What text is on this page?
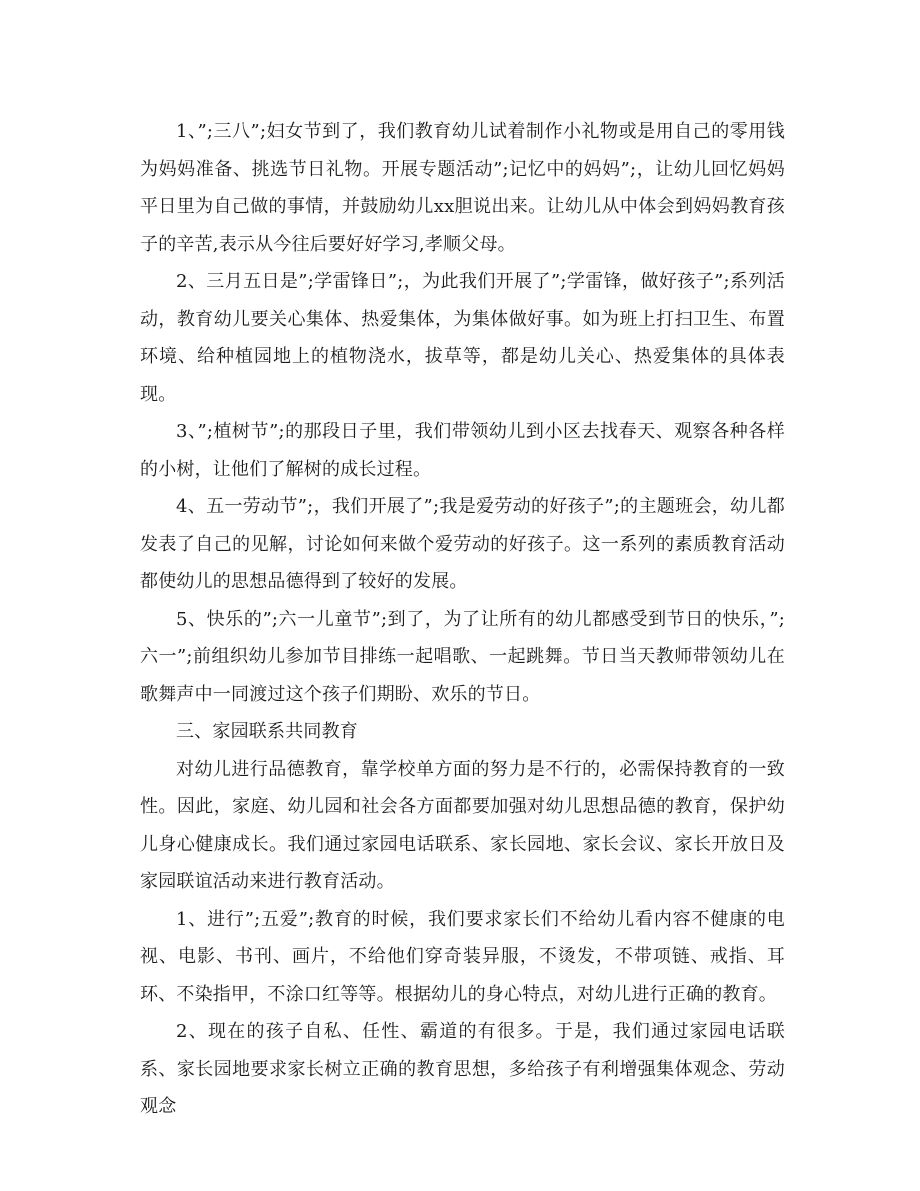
1、”;三八”;妇女节到了，我们教育幼儿试着制作小礼物或是用自己的零用钱为妈妈准备、挑选节日礼物。开展专题活动”;记忆中的妈妈”;，让幼儿回忆妈妈平日里为自己做的事情，并鼓励幼儿xx胆说出来。让幼儿从中体会到妈妈教育孩子的辛苦,表示从今往后要好好学习,孝顺父母。

2、三月五日是”;学雷锋日”;，为此我们开展了”;学雷锋，做好孩子”;系列活动，教育幼儿要关心集体、热爱集体，为集体做好事。如为班上打扫卫生、布置环境、给种植园地上的植物浇水，拔草等，都是幼儿关心、热爱集体的具体表现。

3、”;植树节”;的那段日子里，我们带领幼儿到小区去找春天、观察各种各样的小树，让他们了解树的成长过程。

4、五一劳动节”;，我们开展了”;我是爱劳动的好孩子”;的主题班会，幼儿都发表了自己的见解，讨论如何来做个爱劳动的好孩子。这一系列的素质教育活动都使幼儿的思想品德得到了较好的发展。

5、快乐的”;六一儿童节”;到了，为了让所有的幼儿都感受到节日的快乐，”;六一”;前组织幼儿参加节目排练一起唱歌、一起跳舞。节日当天教师带领幼儿在歌舞声中一同渡过这个孩子们期盼、欢乐的节日。

三、家园联系共同教育

对幼儿进行品德教育，靠学校单方面的努力是不行的，必需保持教育的一致性。因此，家庭、幼儿园和社会各方面都要加强对幼儿思想品德的教育，保护幼儿身心健康成长。我们通过家园电话联系、家长园地、家长会议、家长开放日及家园联谊活动来进行教育活动。

1、进行”;五爱”;教育的时候，我们要求家长们不给幼儿看内容不健康的电视、电影、书刊、画片，不给他们穿奇装异服，不烫发，不带项链、戒指、耳环、不染指甲，不涂口红等等。根据幼儿的身心特点，对幼儿进行正确的教育。

2、现在的孩子自私、任性、霸道的有很多。于是，我们通过家园电话联系、家长园地要求家长树立正确的教育思想，多给孩子有利增强集体观念、劳动观念
